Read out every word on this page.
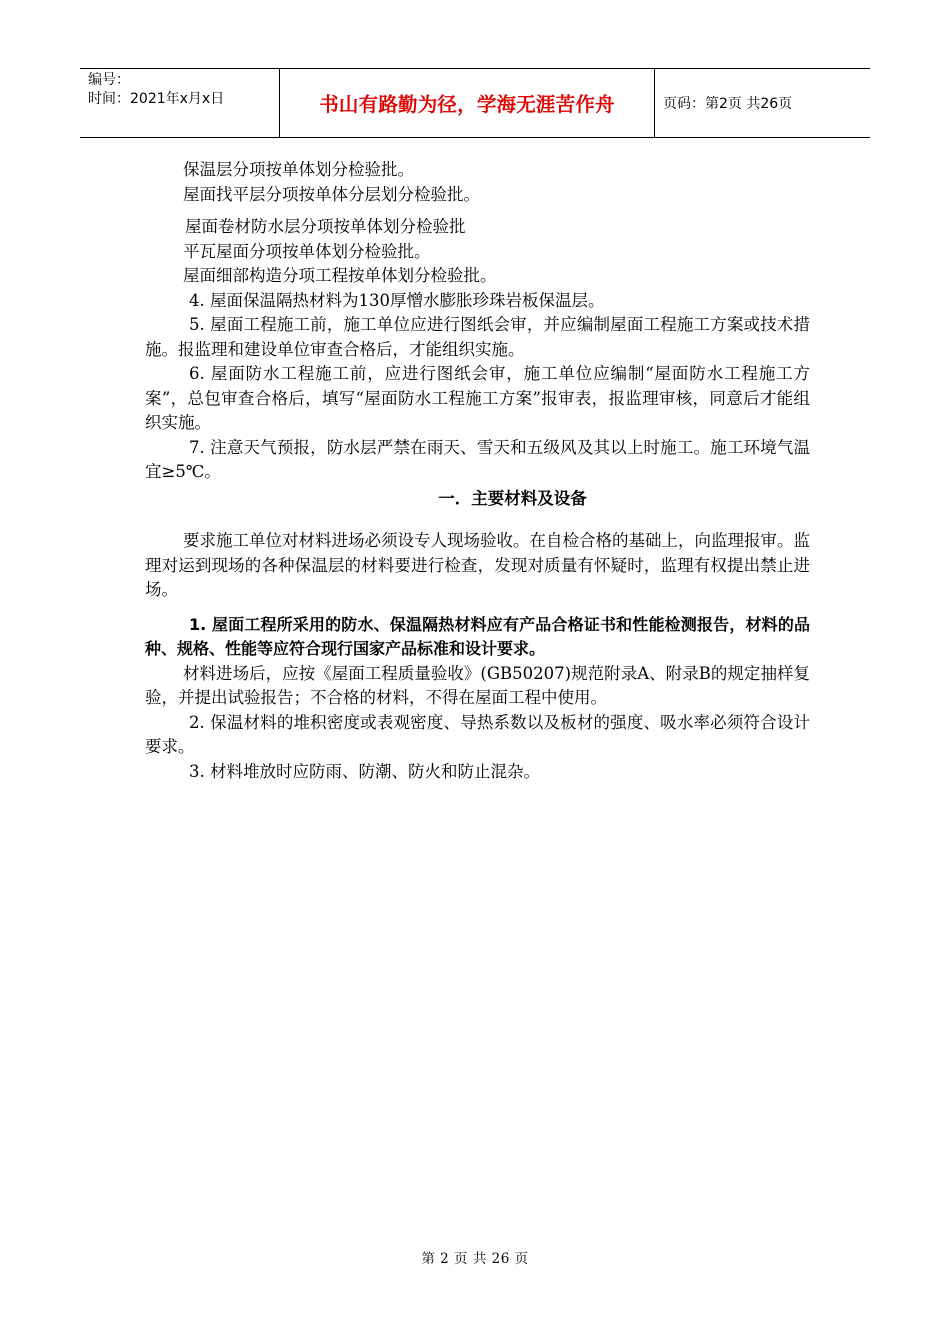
编号：
时间：2021年x月x日	书山有路勤为径，学海无涯苦作舟	页码：第2页 共26页

保温层分项按单体划分检验批。

屋面找平层分项按单体分层划分检验批。

屋面卷材防水层分项按单体划分检验批

平瓦屋面分项按单体划分检验批。

屋面细部构造分项工程按单体划分检验批。

4. 屋面保温隔热材料为130厚憎水膨胀珍珠岩板保温层。

5. 屋面工程施工前，施工单位应进行图纸会审，并应编制屋面工程施工方案或技术措施。报监理和建设单位审查合格后，才能组织实施。

6. 屋面防水工程施工前，应进行图纸会审，施工单位应编制“屋面防水工程施工方案”，总包审查合格后，填写“屋面防水工程施工方案”报审表，报监理审核，同意后才能组织实施。

7. 注意天气预报，防水层严禁在雨天、雪天和五级风及其以上时施工。施工环境气温宜≥5℃。

一．主要材料及设备

要求施工单位对材料进场必须设专人现场验收。在自检合格的基础上，向监理报审。监理对运到现场的各种保温层的材料要进行检查，发现对质量有怀疑时，监理有权提出禁止进场。

1. 屋面工程所采用的防水、保温隔热材料应有产品合格证书和性能检测报告，材料的品种、规格、性能等应符合现行国家产品标准和设计要求。

材料进场后，应按《屋面工程质量验收》(GB50207)规范附录A、附录B的规定抽样复验，并提出试验报告；不合格的材料，不得在屋面工程中使用。

2. 保温材料的堆积密度或表观密度、导热系数以及板材的强度、吸水率必须符合设计要求。

3. 材料堆放时应防雨、防潮、防火和防止混杂。

第 2 页 共 26 页
